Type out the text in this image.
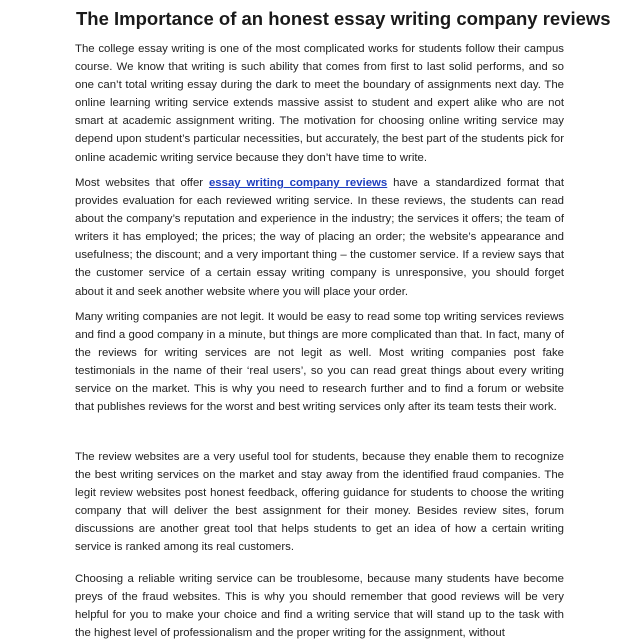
The Importance of an honest essay writing company reviews

The college essay writing is one of the most complicated works for students follow their campus course. We know that writing is such ability that comes from first to last solid performs, and so one can’t total writing essay during the dark to meet the boundary of assignments next day. The online learning writing service extends massive assist to student and expert alike who are not smart at academic assignment writing. The motivation for choosing online writing service may depend upon student’s particular necessities, but accurately, the best part of the students pick for online academic writing service because they don’t have time to write.

Most websites that offer essay writing company reviews have a standardized format that provides evaluation for each reviewed writing service. In these reviews, the students can read about the company’s reputation and experience in the industry; the services it offers; the team of writers it has employed; the prices; the way of placing an order; the website’s appearance and usefulness; the discount; and a very important thing – the customer service. If a review says that the customer service of a certain essay writing company is unresponsive, you should forget about it and seek another website where you will place your order.

Many writing companies are not legit. It would be easy to read some top writing services reviews and find a good company in a minute, but things are more complicated than that. In fact, many of the reviews for writing services are not legit as well. Most writing companies post fake testimonials in the name of their ‘real users’, so you can read great things about every writing service on the market. This is why you need to research further and to find a forum or website that publishes reviews for the worst and best writing services only after its team tests their work.

The review websites are a very useful tool for students, because they enable them to recognize the best writing services on the market and stay away from the identified fraud companies. The legit review websites post honest feedback, offering guidance for students to choose the writing company that will deliver the best assignment for their money. Besides review sites, forum discussions are another great tool that helps students to get an idea of how a certain writing service is ranked among its real customers.

Choosing a reliable writing service can be troublesome, because many students have become preys of the fraud websites. This is why you should remember that good reviews will be very helpful for you to make your choice and find a writing service that will stand up to the task with the highest level of professionalism and the proper writing for the assignment, without
